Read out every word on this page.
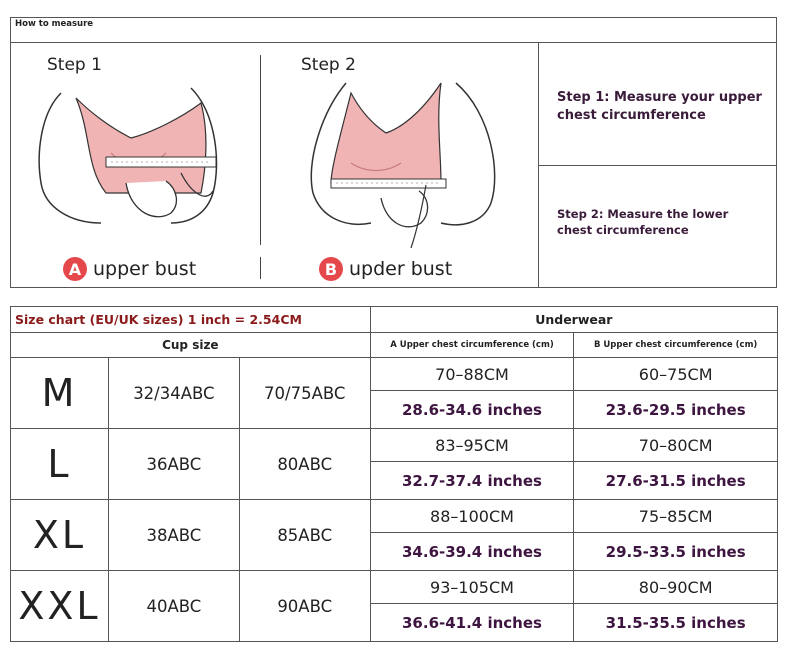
How to measure
Step 1
A upper bust
Step 2
B upder bust
Step 1: Measure your upper chest circumference
Step 2: Measure the lower chest circumference
Size chart (EU/UK sizes) 1 inch = 2.54CM			Underwear	
Cup size			A Upper chest circumference (cm)	B Upper chest circumference (cm)
M	32/34ABC	70/75ABC	70–88CM	60–75CM
			28.6-34.6 inches	23.6-29.5 inches
L	36ABC	80ABC	83–95CM	70–80CM
			32.7-37.4 inches	27.6-31.5 inches
XL	38ABC	85ABC	88–100CM	75–85CM
			34.6-39.4 inches	29.5-33.5 inches
XXL	40ABC	90ABC	93–105CM	80–90CM
			36.6-41.4 inches	31.5-35.5 inches
